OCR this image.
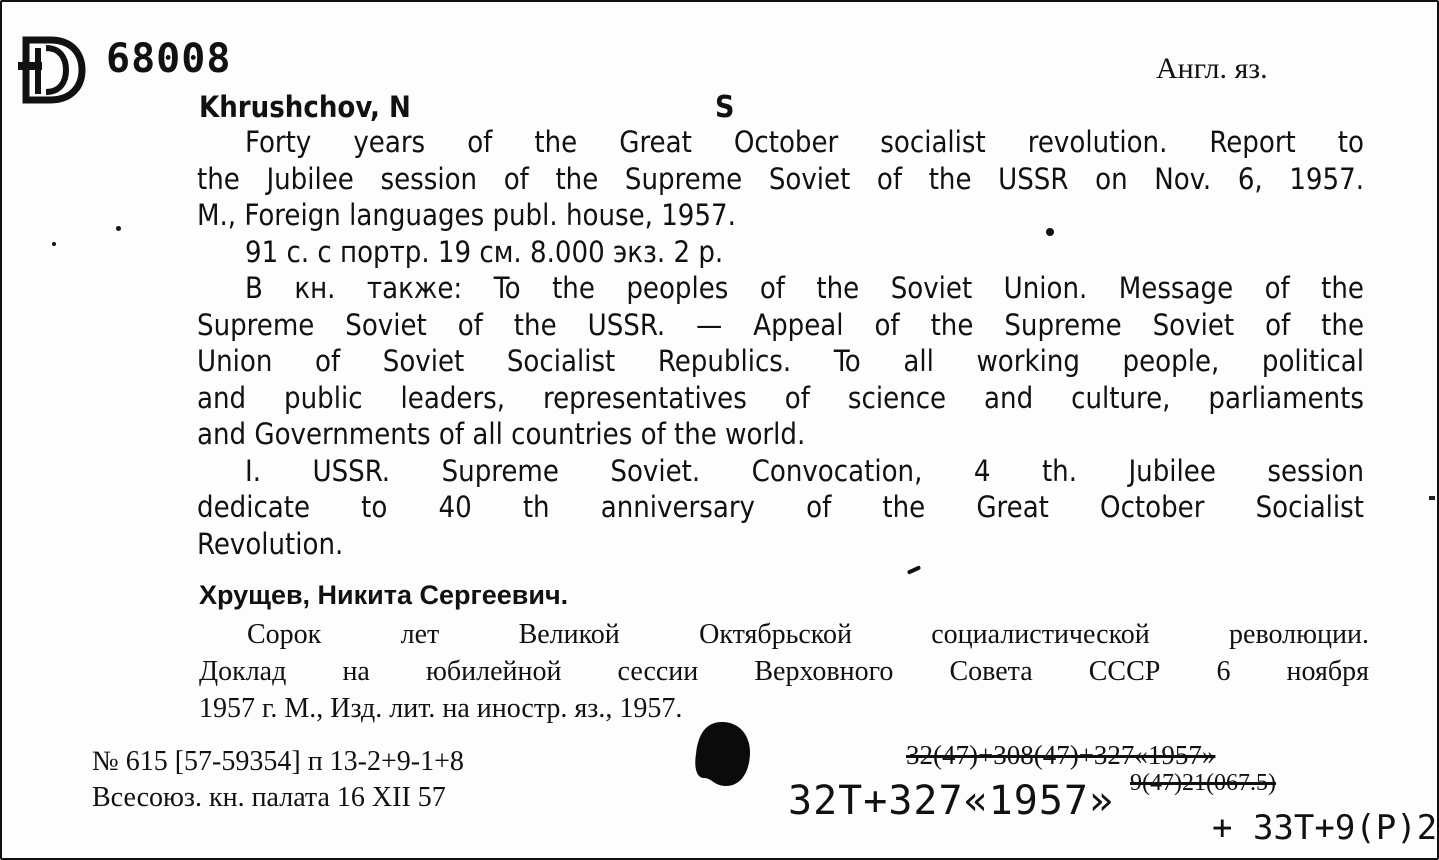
68008	Англ. яз.
Khrushchov, N	S
Forty years of the Great October socialist revolution. Report to
the Jubilee session of the Supreme Soviet of the USSR on Nov. 6, 1957.
M., Foreign languages publ. house, 1957.
91 с. с портр. 19 см. 8.000 экз. 2 р.
В кн. также: To the peoples of the Soviet Union. Message of the
Supreme Soviet of the USSR. — Appeal of the Supreme Soviet of the
Union of Soviet Socialist Republics. To all working people, political
and public leaders, representatives of science and culture, parliaments
and Governments of all countries of the world.
I. USSR. Supreme Soviet. Convocation, 4 th. Jubilee session
dedicate to 40 th anniversary of the Great October Socialist
Revolution.
Хрущев, Никита Сергеевич.
Сорок лет Великой Октябрьской социалистической революции.
Доклад на юбилейной сессии Верховного Совета СССР 6 ноября
1957 г. М., Изд. лит. на иностр. яз., 1957.
№ 615 [57-59354] п 13-2+9-1+8
Всесоюз. кн. палата 16 XII 57
32(47)+308(47)+327«1957»
9(47)21(067.5)
32Т+327«1957»
+ 33Т+9(Р)2
